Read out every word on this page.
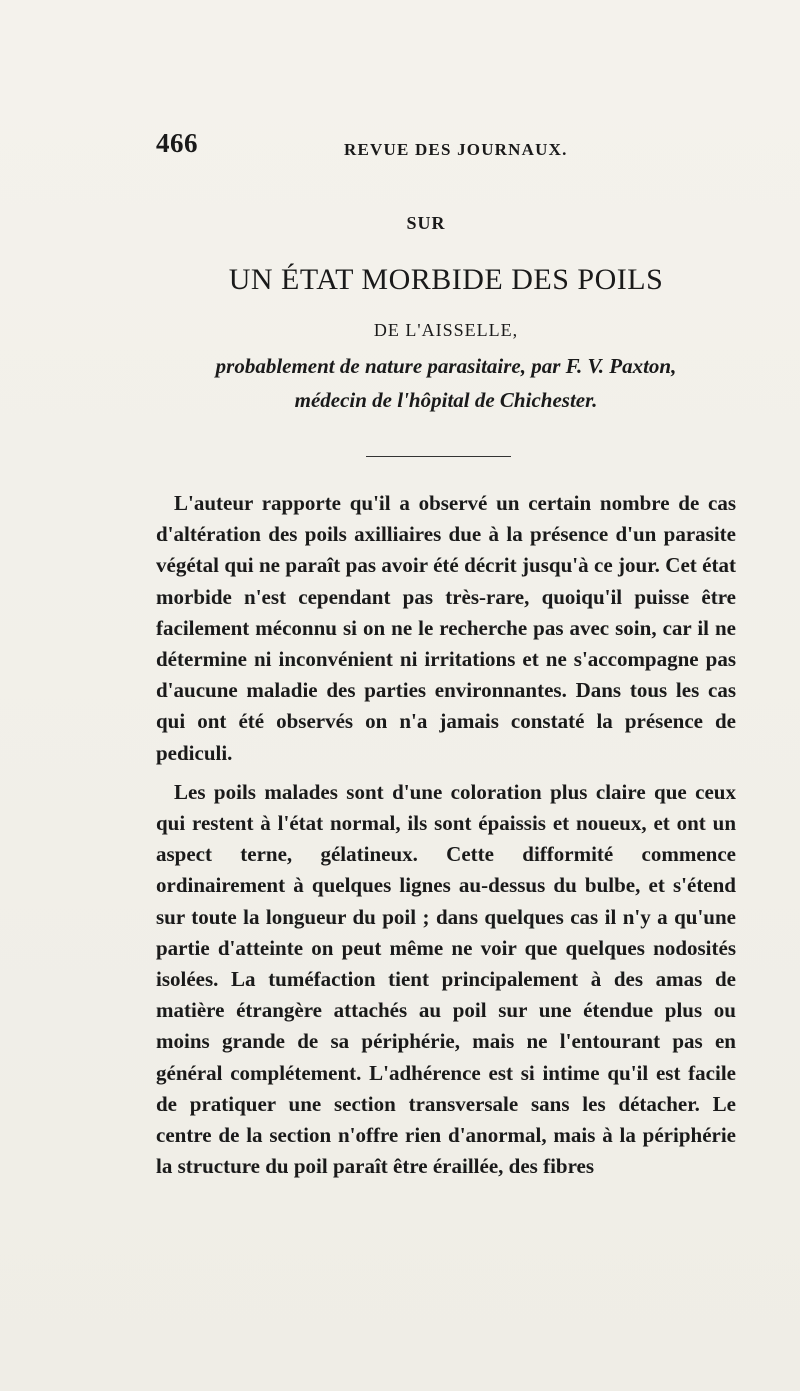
466	REVUE DES JOURNAUX.
SUR
UN ÉTAT MORBIDE DES POILS
DE L'AISSELLE,
probablement de nature parasitaire, par F. V. Paxton,
médecin de l'hôpital de Chichester.

L'auteur rapporte qu'il a observé un certain nombre de cas d'altération des poils axilliaires due à la présence d'un parasite végétal qui ne paraît pas avoir été décrit jusqu'à ce jour. Cet état morbide n'est cependant pas très-rare, quoiqu'il puisse être facilement méconnu si on ne le recherche pas avec soin, car il ne détermine ni inconvénient ni irritations et ne s'accompagne pas d'aucune maladie des parties environnantes. Dans tous les cas qui ont été observés on n'a jamais constaté la présence de pediculi.

Les poils malades sont d'une coloration plus claire que ceux qui restent à l'état normal, ils sont épaissis et noueux, et ont un aspect terne, gélatineux. Cette difformité commence ordinairement à quelques lignes au-dessus du bulbe, et s'étend sur toute la longueur du poil ; dans quelques cas il n'y a qu'une partie d'atteinte on peut même ne voir que quelques nodosités isolées. La tuméfaction tient principalement à des amas de matière étrangère attachés au poil sur une étendue plus ou moins grande de sa périphérie, mais ne l'entourant pas en général complétement. L'adhérence est si intime qu'il est facile de pratiquer une section transversale sans les détacher. Le centre de la section n'offre rien d'anormal, mais à la périphérie la structure du poil paraît être éraillée, des fibres
